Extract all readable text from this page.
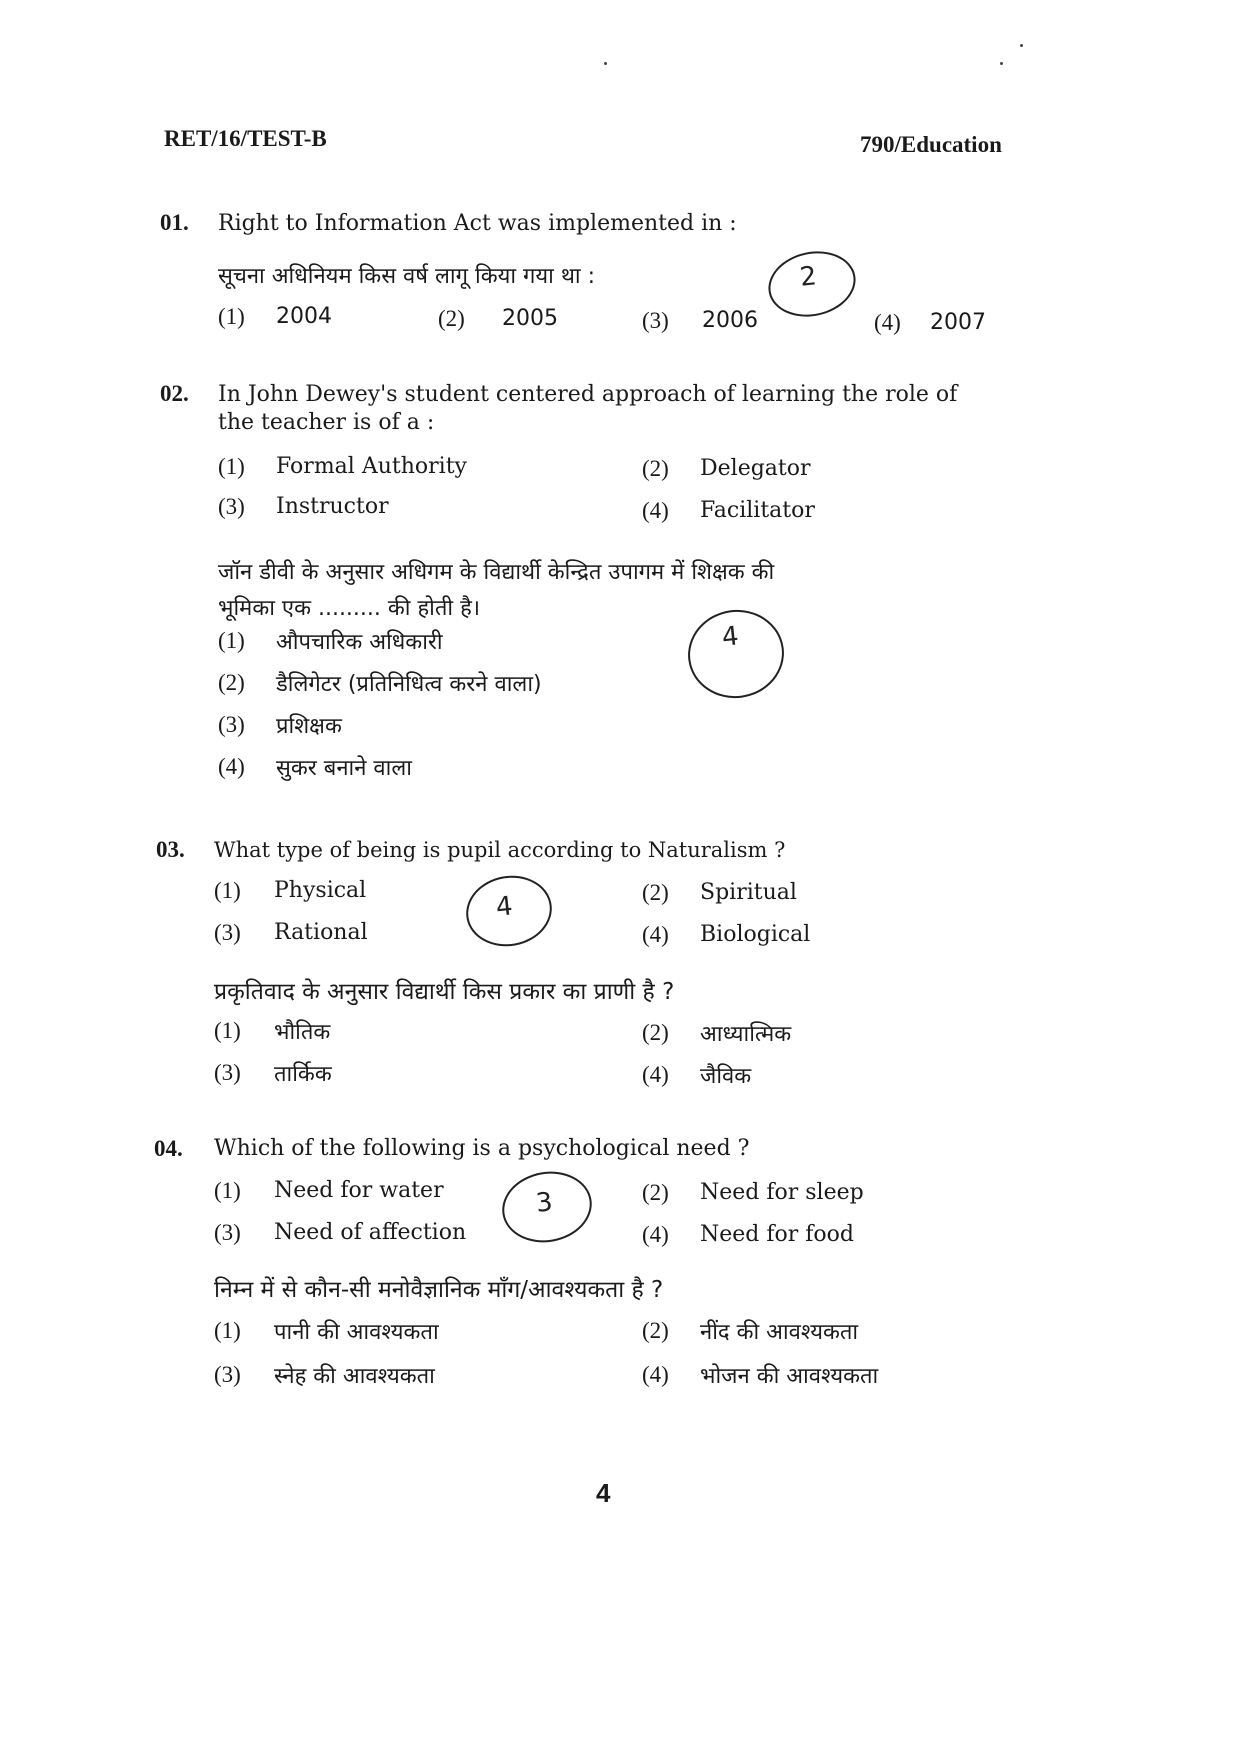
RET/16/TEST-B	790/Education
01. Right to Information Act was implemented in :
सूचना अधिनियम किस वर्ष लागू किया गया था :
(1) 2004	(2) 2005	(3) 2006	(4) 2007
2
02. In John Dewey's student centered approach of learning the role of
the teacher is of a :
(1) Formal Authority	(2) Delegator
(3) Instructor	(4) Facilitator
जॉन डीवी के अनुसार अधिगम के विद्यार्थी केन्द्रित उपागम में शिक्षक की
भूमिका एक ......... की होती है।
(1) औपचारिक अधिकारी
(2) डैलिगेटर (प्रतिनिधित्व करने वाला)
(3) प्रशिक्षक
(4) सुकर बनाने वाला
4
03. What type of being is pupil according to Naturalism ?
(1) Physical	(2) Spiritual
(3) Rational	(4) Biological
4
प्रकृतिवाद के अनुसार विद्यार्थी किस प्रकार का प्राणी है ?
(1) भौतिक	(2) आध्यात्मिक
(3) तार्किक	(4) जैविक
04. Which of the following is a psychological need ?
(1) Need for water	(2) Need for sleep
(3) Need of affection	(4) Need for food
3
निम्न में से कौन-सी मनोवैज्ञानिक माँग/आवश्यकता है ?
(1) पानी की आवश्यकता	(2) नींद की आवश्यकता
(3) स्नेह की आवश्यकता	(4) भोजन की आवश्यकता
4
